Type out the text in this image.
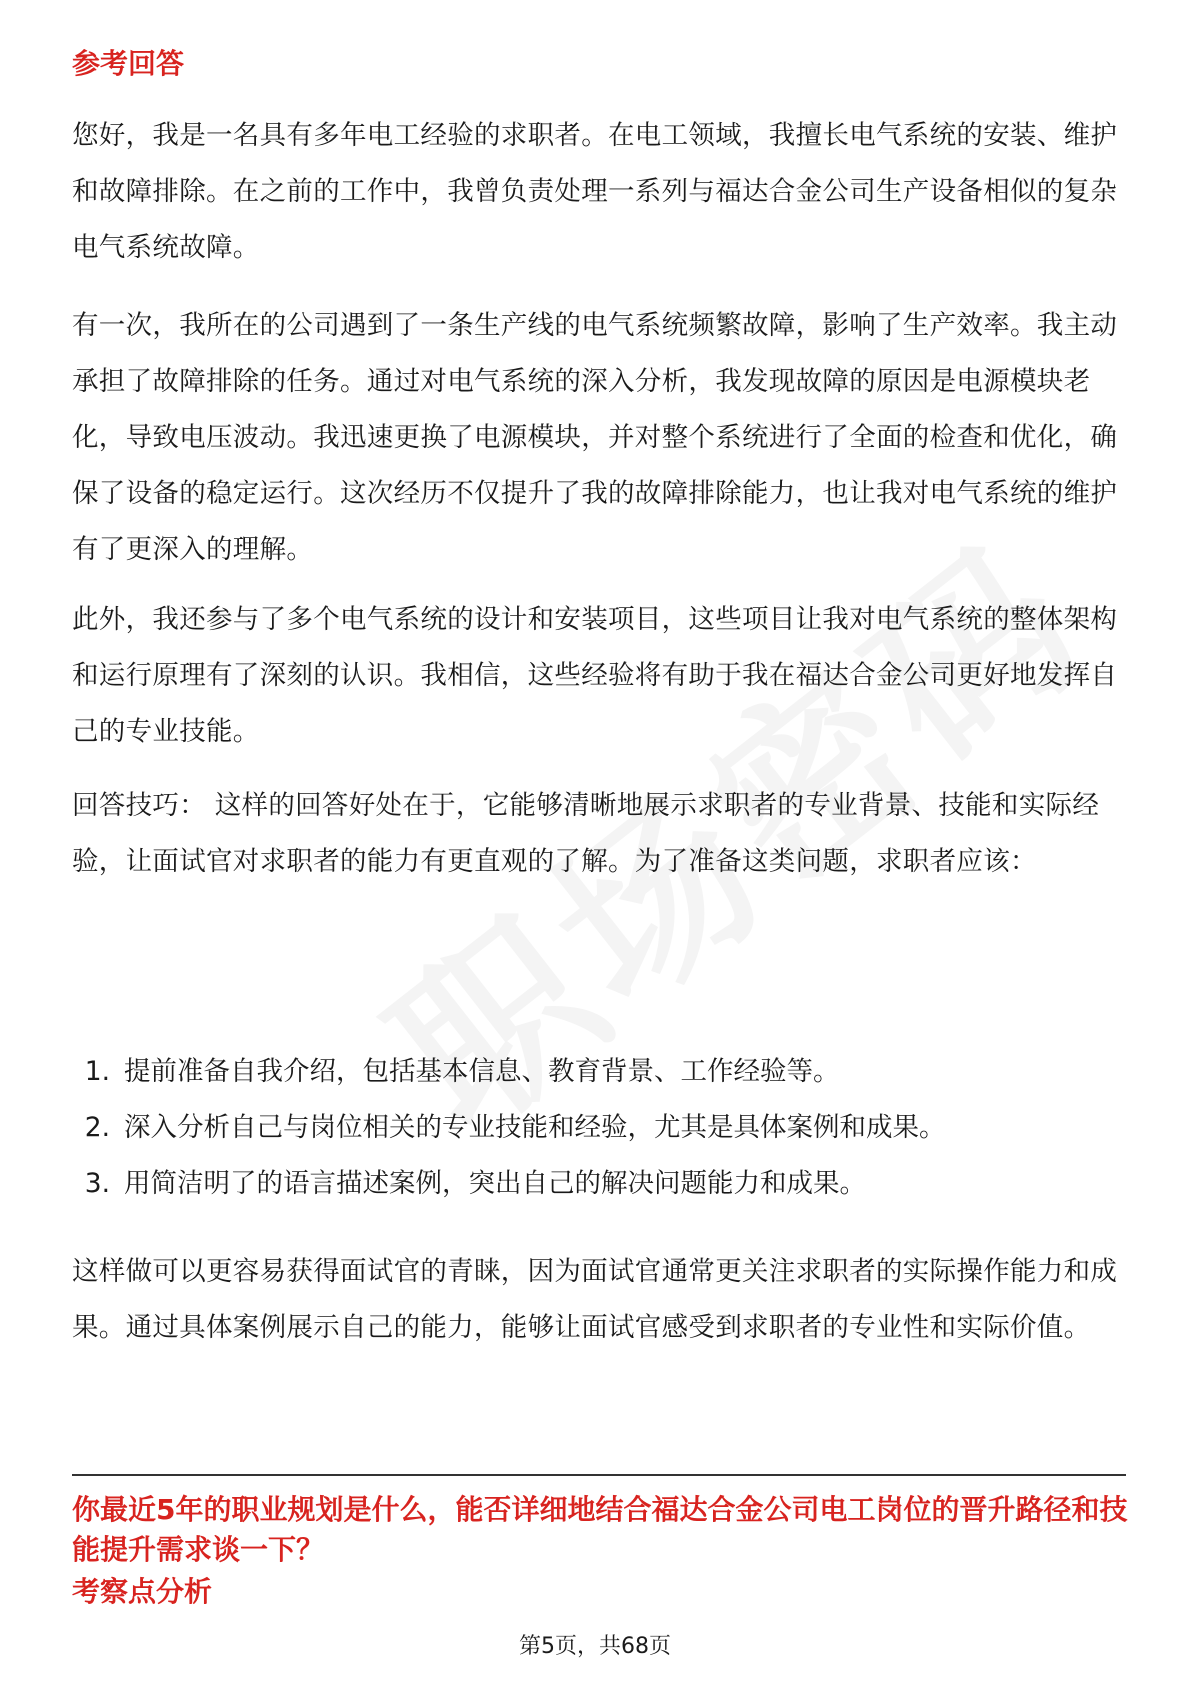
参考回答

您好，我是一名具有多年电工经验的求职者。在电工领域，我擅长电气系统的安装、维护和故障排除。在之前的工作中，我曾负责处理一系列与福达合金公司生产设备相似的复杂电气系统故障。

有一次，我所在的公司遇到了一条生产线的电气系统频繁故障，影响了生产效率。我主动承担了故障排除的任务。通过对电气系统的深入分析，我发现故障的原因是电源模块老化，导致电压波动。我迅速更换了电源模块，并对整个系统进行了全面的检查和优化，确保了设备的稳定运行。这次经历不仅提升了我的故障排除能力，也让我对电气系统的维护有了更深入的理解。

此外，我还参与了多个电气系统的设计和安装项目，这些项目让我对电气系统的整体架构和运行原理有了深刻的认识。我相信，这些经验将有助于我在福达合金公司更好地发挥自己的专业技能。

回答技巧： 这样的回答好处在于，它能够清晰地展示求职者的专业背景、技能和实际经验，让面试官对求职者的能力有更直观的了解。为了准备这类问题，求职者应该：

1. 提前准备自我介绍，包括基本信息、教育背景、工作经验等。
2. 深入分析自己与岗位相关的专业技能和经验，尤其是具体案例和成果。
3. 用简洁明了的语言描述案例，突出自己的解决问题能力和成果。

这样做可以更容易获得面试官的青睐，因为面试官通常更关注求职者的实际操作能力和成果。通过具体案例展示自己的能力，能够让面试官感受到求职者的专业性和实际价值。

你最近5年的职业规划是什么，能否详细地结合福达合金公司电工岗位的晋升路径和技能提升需求谈一下？
考察点分析
第5页，共68页
